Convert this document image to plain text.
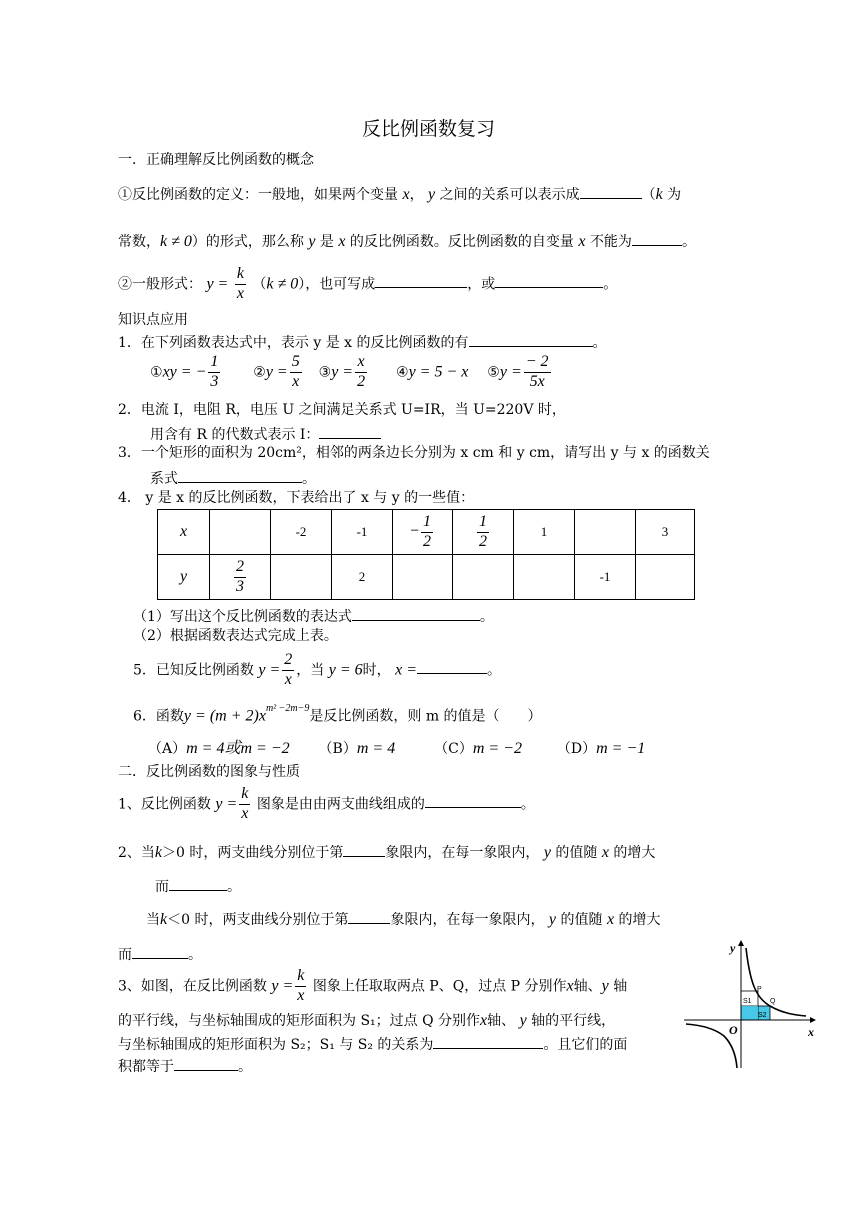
反比例函数复习
一．正确理解反比例函数的概念
①反比例函数的定义：一般地，如果两个变量 x， y 之间的关系可以表示成	（k 为
常数，k ≠ 0）的形式，那么称 y 是 x 的反比例函数。反比例函数的自变量 x 不能为	。
②一般形式： $y = \frac{k}{x} (k \ne 0)$，也可写成	，或	。
知识点应用
1．在下列函数表达式中，表示 y 是 x 的反比例函数的有	。
①xy = − $\frac{1}{3}$ ②y = $\frac{5}{x}$ ③y = $\frac{x}{2}$ ④y = 5 − x ⑤y = $\frac{- 2}{5x}$
2．电流 I，电阻 R，电压 U 之间满足关系式 U=IR，当 U=220V 时，
用含有 R 的代数式表示 I：
3．一个矩形的面积为 20cm²，相邻的两条边长分别为 x cm 和 y cm，请写出 y 与 x 的函数关
系式	。
4． y 是 x 的反比例函数，下表给出了 x 与 y 的一些值：
x		-2	-1	− $\frac{1}{2}$	$\frac{1}{2}$	1		3
y	$\frac{2}{3}$		2				-1	
（1）写出这个反比例函数的表达式	。
（2）根据函数表达式完成上表。
5．已知反比例函数 $y = \frac{2}{x}$ ，当 y = 6时， x =	。
6．函数$y = (m + 2)x^{m^2 -2m-9}$是反比例函数，则 m 的值是（　　）
（A）m = 4或m = −2 （B）m = 4	（C）m = −2 （D）m = −1
二．反比例函数的图象与性质
1、反比例函数 $y = \frac{k}{x}$ 图象是由由两支曲线组成的	。
2、当k＞0 时，两支曲线分别位于第	象限内，在每一象限内， y 的值随 x 的增大
而	。
当k＜0 时，两支曲线分别位于第	象限内，在每一象限内， y 的值随 x 的增大
而	。
3、如图，在反比例函数 $y = \frac{k}{x}$ 图象上任取取两点 P、Q，过点 P 分别作x轴、y 轴
的平行线，与坐标轴围成的矩形面积为 S₁；过点 Q 分别作x轴、 y 轴的平行线，
与坐标轴围成的矩形面积为 S₂；S₁ 与 S₂ 的关系为	。且它们的面
积都等于	。
y
x
O
P
Q
S1
S2
